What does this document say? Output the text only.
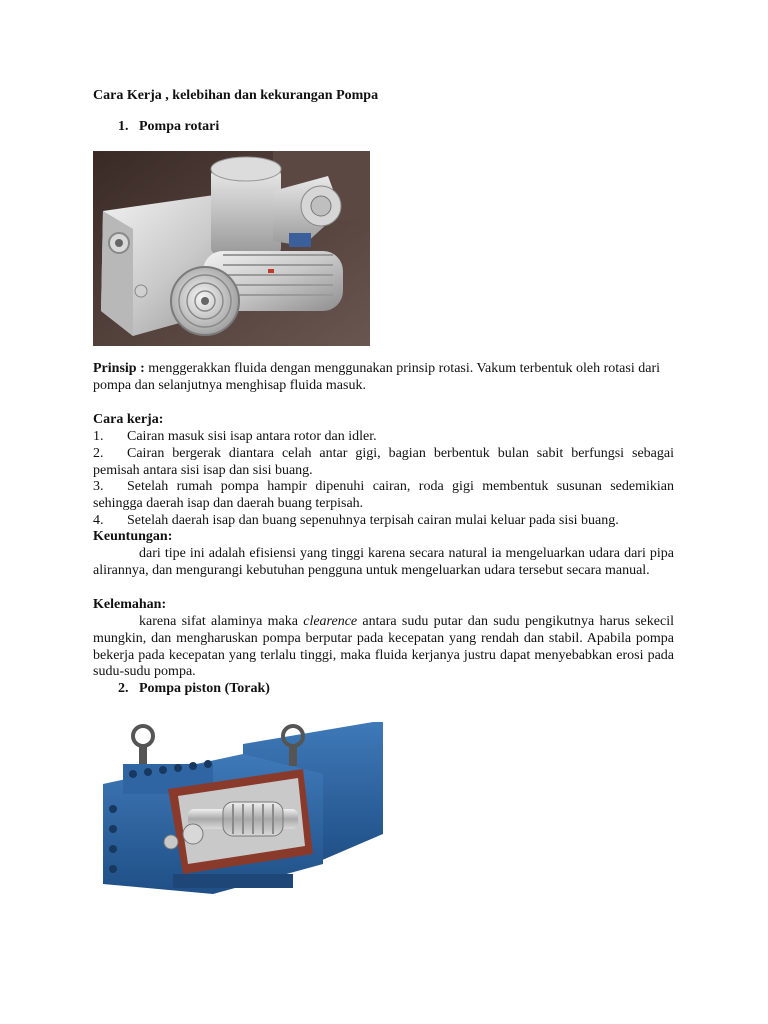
Cara Kerja , kelebihan dan kekurangan Pompa
1. Pompa rotari
Prinsip : menggerakkan fluida dengan menggunakan prinsip rotasi. Vakum terbentuk oleh rotasi dari pompa dan selanjutnya menghisap fluida masuk.
Cara kerja:
1. Cairan masuk sisi isap antara rotor dan idler.
2. Cairan bergerak diantara celah antar gigi, bagian berbentuk bulan sabit berfungsi sebagai pemisah antara sisi isap dan sisi buang.
3. Setelah rumah pompa hampir dipenuhi cairan, roda gigi membentuk susunan sedemikian sehingga daerah isap dan daerah buang terpisah.
4. Setelah daerah isap dan buang sepenuhnya terpisah cairan mulai keluar pada sisi buang.
Keuntungan:
dari tipe ini adalah efisiensi yang tinggi karena secara natural ia mengeluarkan udara dari pipa alirannya, dan mengurangi kebutuhan pengguna untuk mengeluarkan udara tersebut secara manual.
Kelemahan:
karena sifat alaminya maka clearence antara sudu putar dan sudu pengikutnya harus sekecil mungkin, dan mengharuskan pompa berputar pada kecepatan yang rendah dan stabil. Apabila pompa bekerja pada kecepatan yang terlalu tinggi, maka fluida kerjanya justru dapat menyebabkan erosi pada sudu-sudu pompa.
2. Pompa piston (Torak)
